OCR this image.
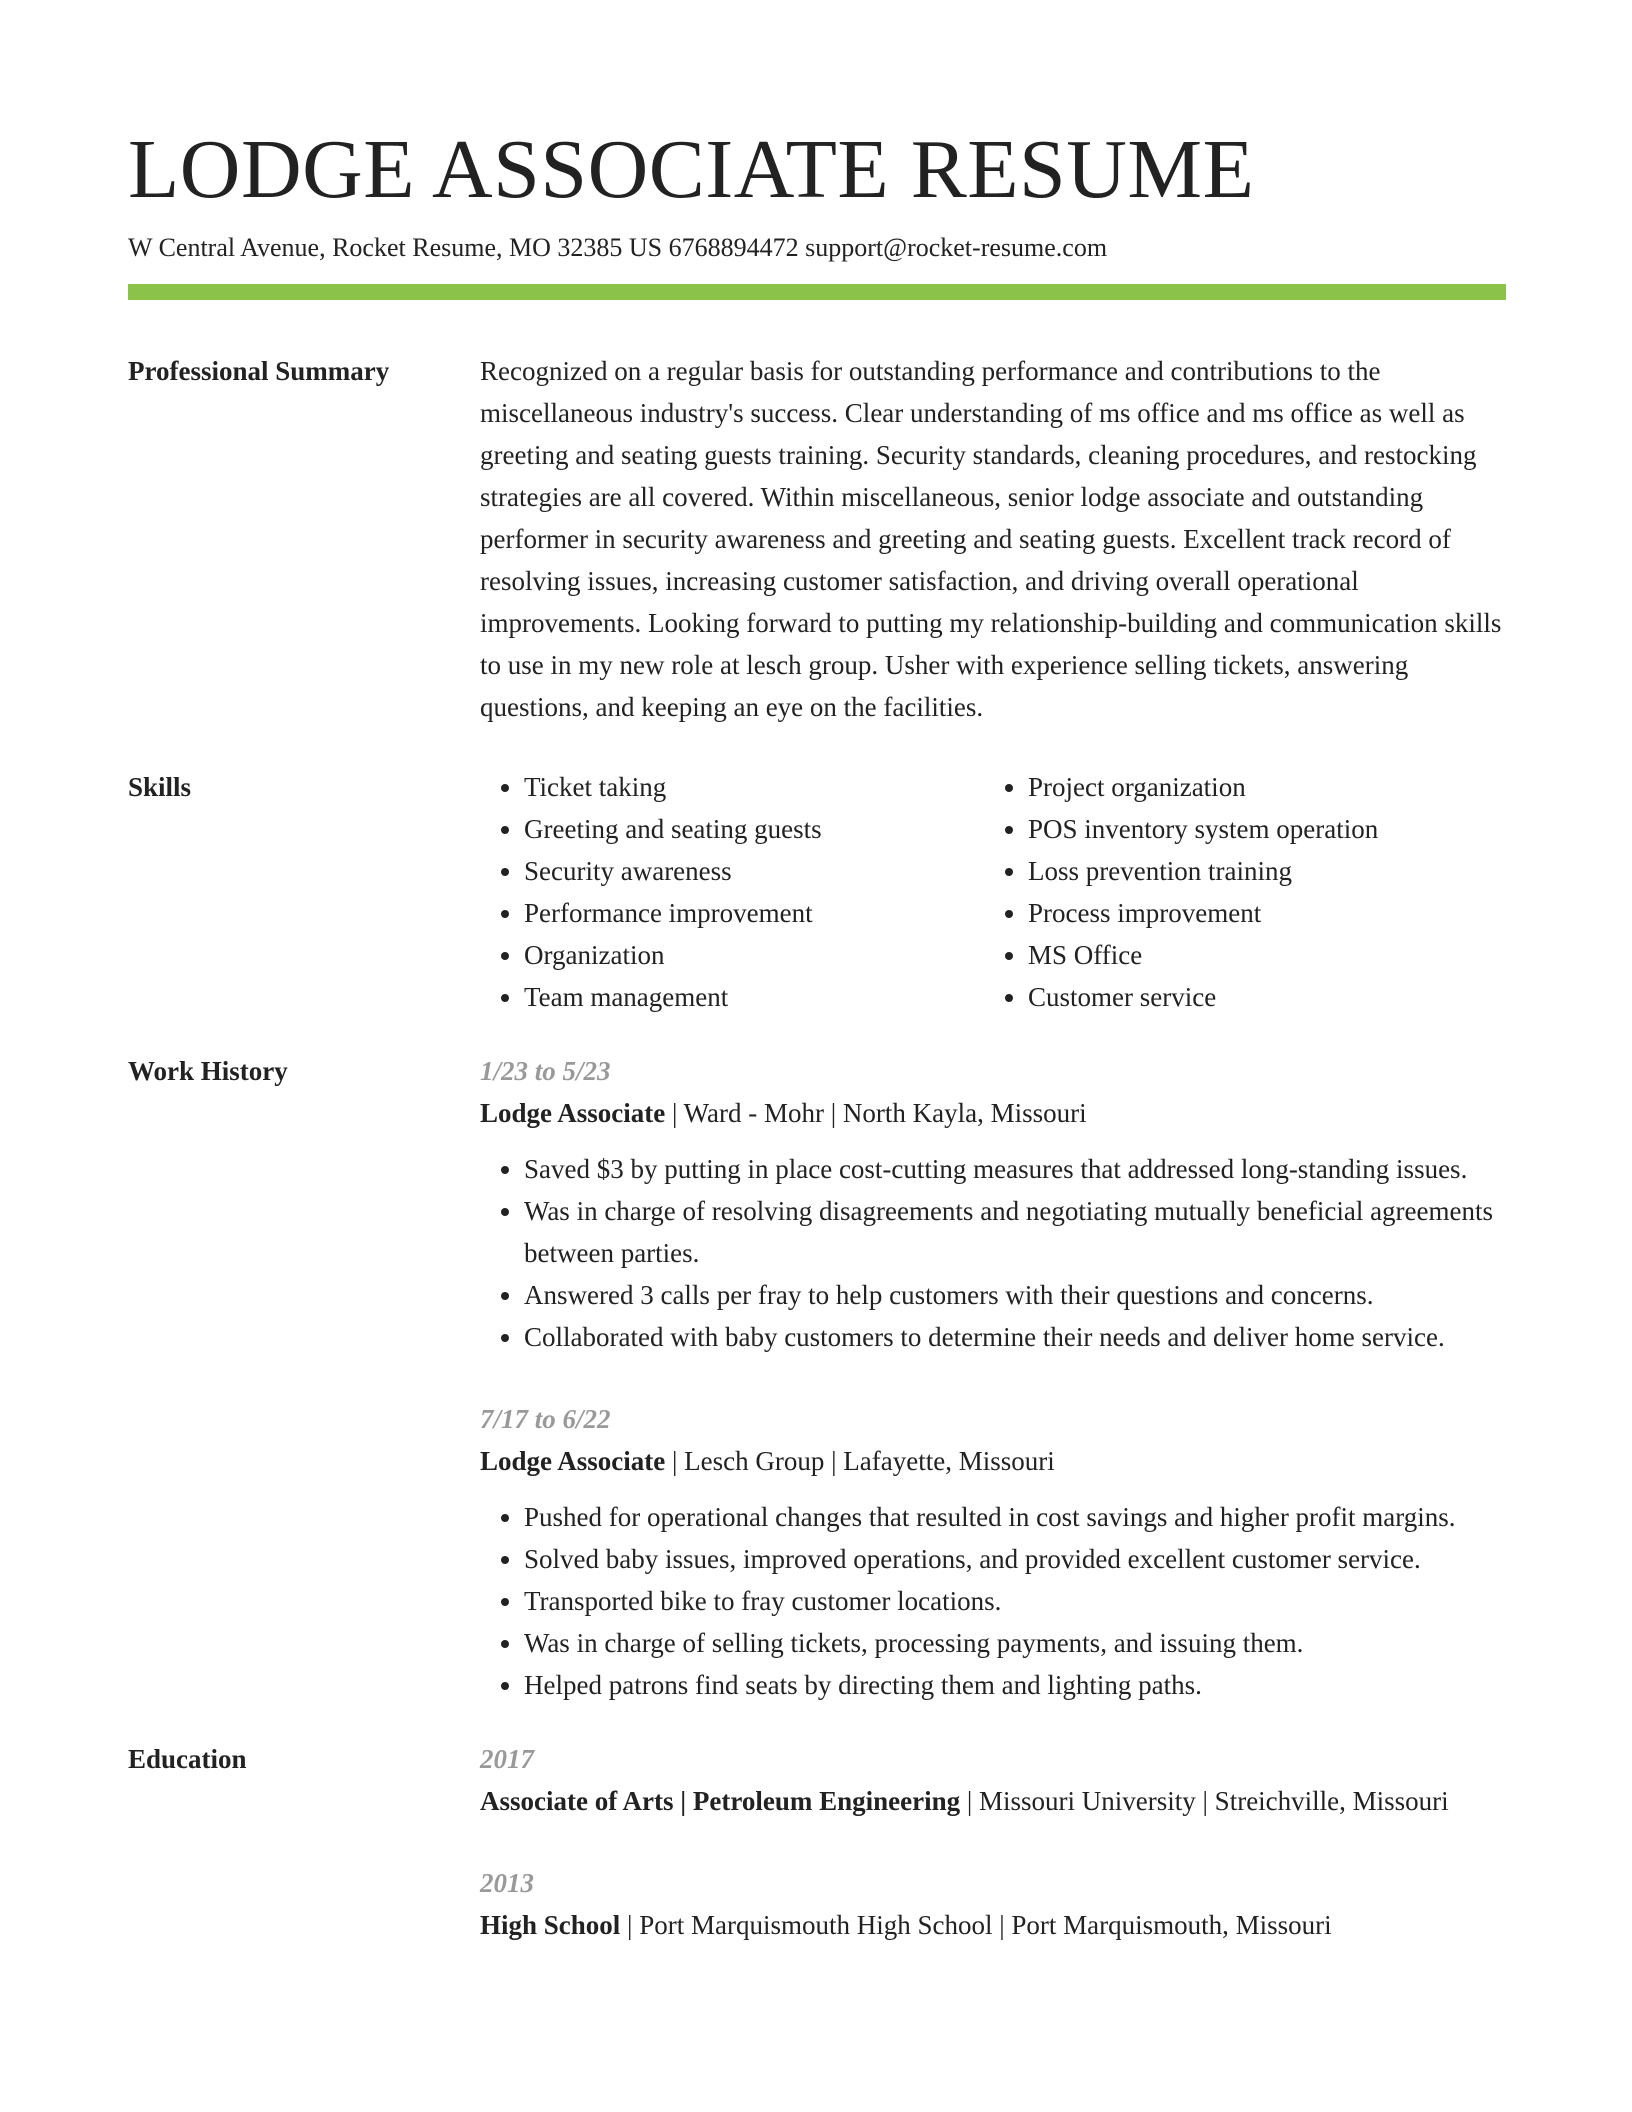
LODGE ASSOCIATE RESUME
W Central Avenue, Rocket Resume, MO 32385 US 6768894472 support@rocket-resume.com
Professional Summary	Recognized on a regular basis for outstanding performance and contributions to the miscellaneous industry's success. Clear understanding of ms office and ms office as well as greeting and seating guests training. Security standards, cleaning procedures, and restocking strategies are all covered. Within miscellaneous, senior lodge associate and outstanding performer in security awareness and greeting and seating guests. Excellent track record of resolving issues, increasing customer satisfaction, and driving overall operational improvements. Looking forward to putting my relationship-building and communication skills to use in my new role at lesch group. Usher with experience selling tickets, answering questions, and keeping an eye on the facilities.

Skills
•	Ticket taking
• Greeting and seating guests
• Security awareness
• Performance improvement
• Organization
• Team management
• Project organization
• POS inventory system operation
• Loss prevention training
• Process improvement
• MS Office
• Customer service
Work History	1/23 to 5/23
Lodge Associate | Ward - Mohr | North Kayla, Missouri
• Saved $3 by putting in place cost-cutting measures that addressed long-standing issues.
• Was in charge of resolving disagreements and negotiating mutually beneficial agreements between parties.
• Answered 3 calls per fray to help customers with their questions and concerns.
• Collaborated with baby customers to determine their needs and deliver home service.
7/17 to 6/22
Lodge Associate | Lesch Group | Lafayette, Missouri
• Pushed for operational changes that resulted in cost savings and higher profit margins.
• Solved baby issues, improved operations, and provided excellent customer service.
• Transported bike to fray customer locations.
• Was in charge of selling tickets, processing payments, and issuing them.
• Helped patrons find seats by directing them and lighting paths.
Education	2017
Associate of Arts | Petroleum Engineering | Missouri University | Streichville, Missouri
2013
High School | Port Marquismouth High School | Port Marquismouth, Missouri
